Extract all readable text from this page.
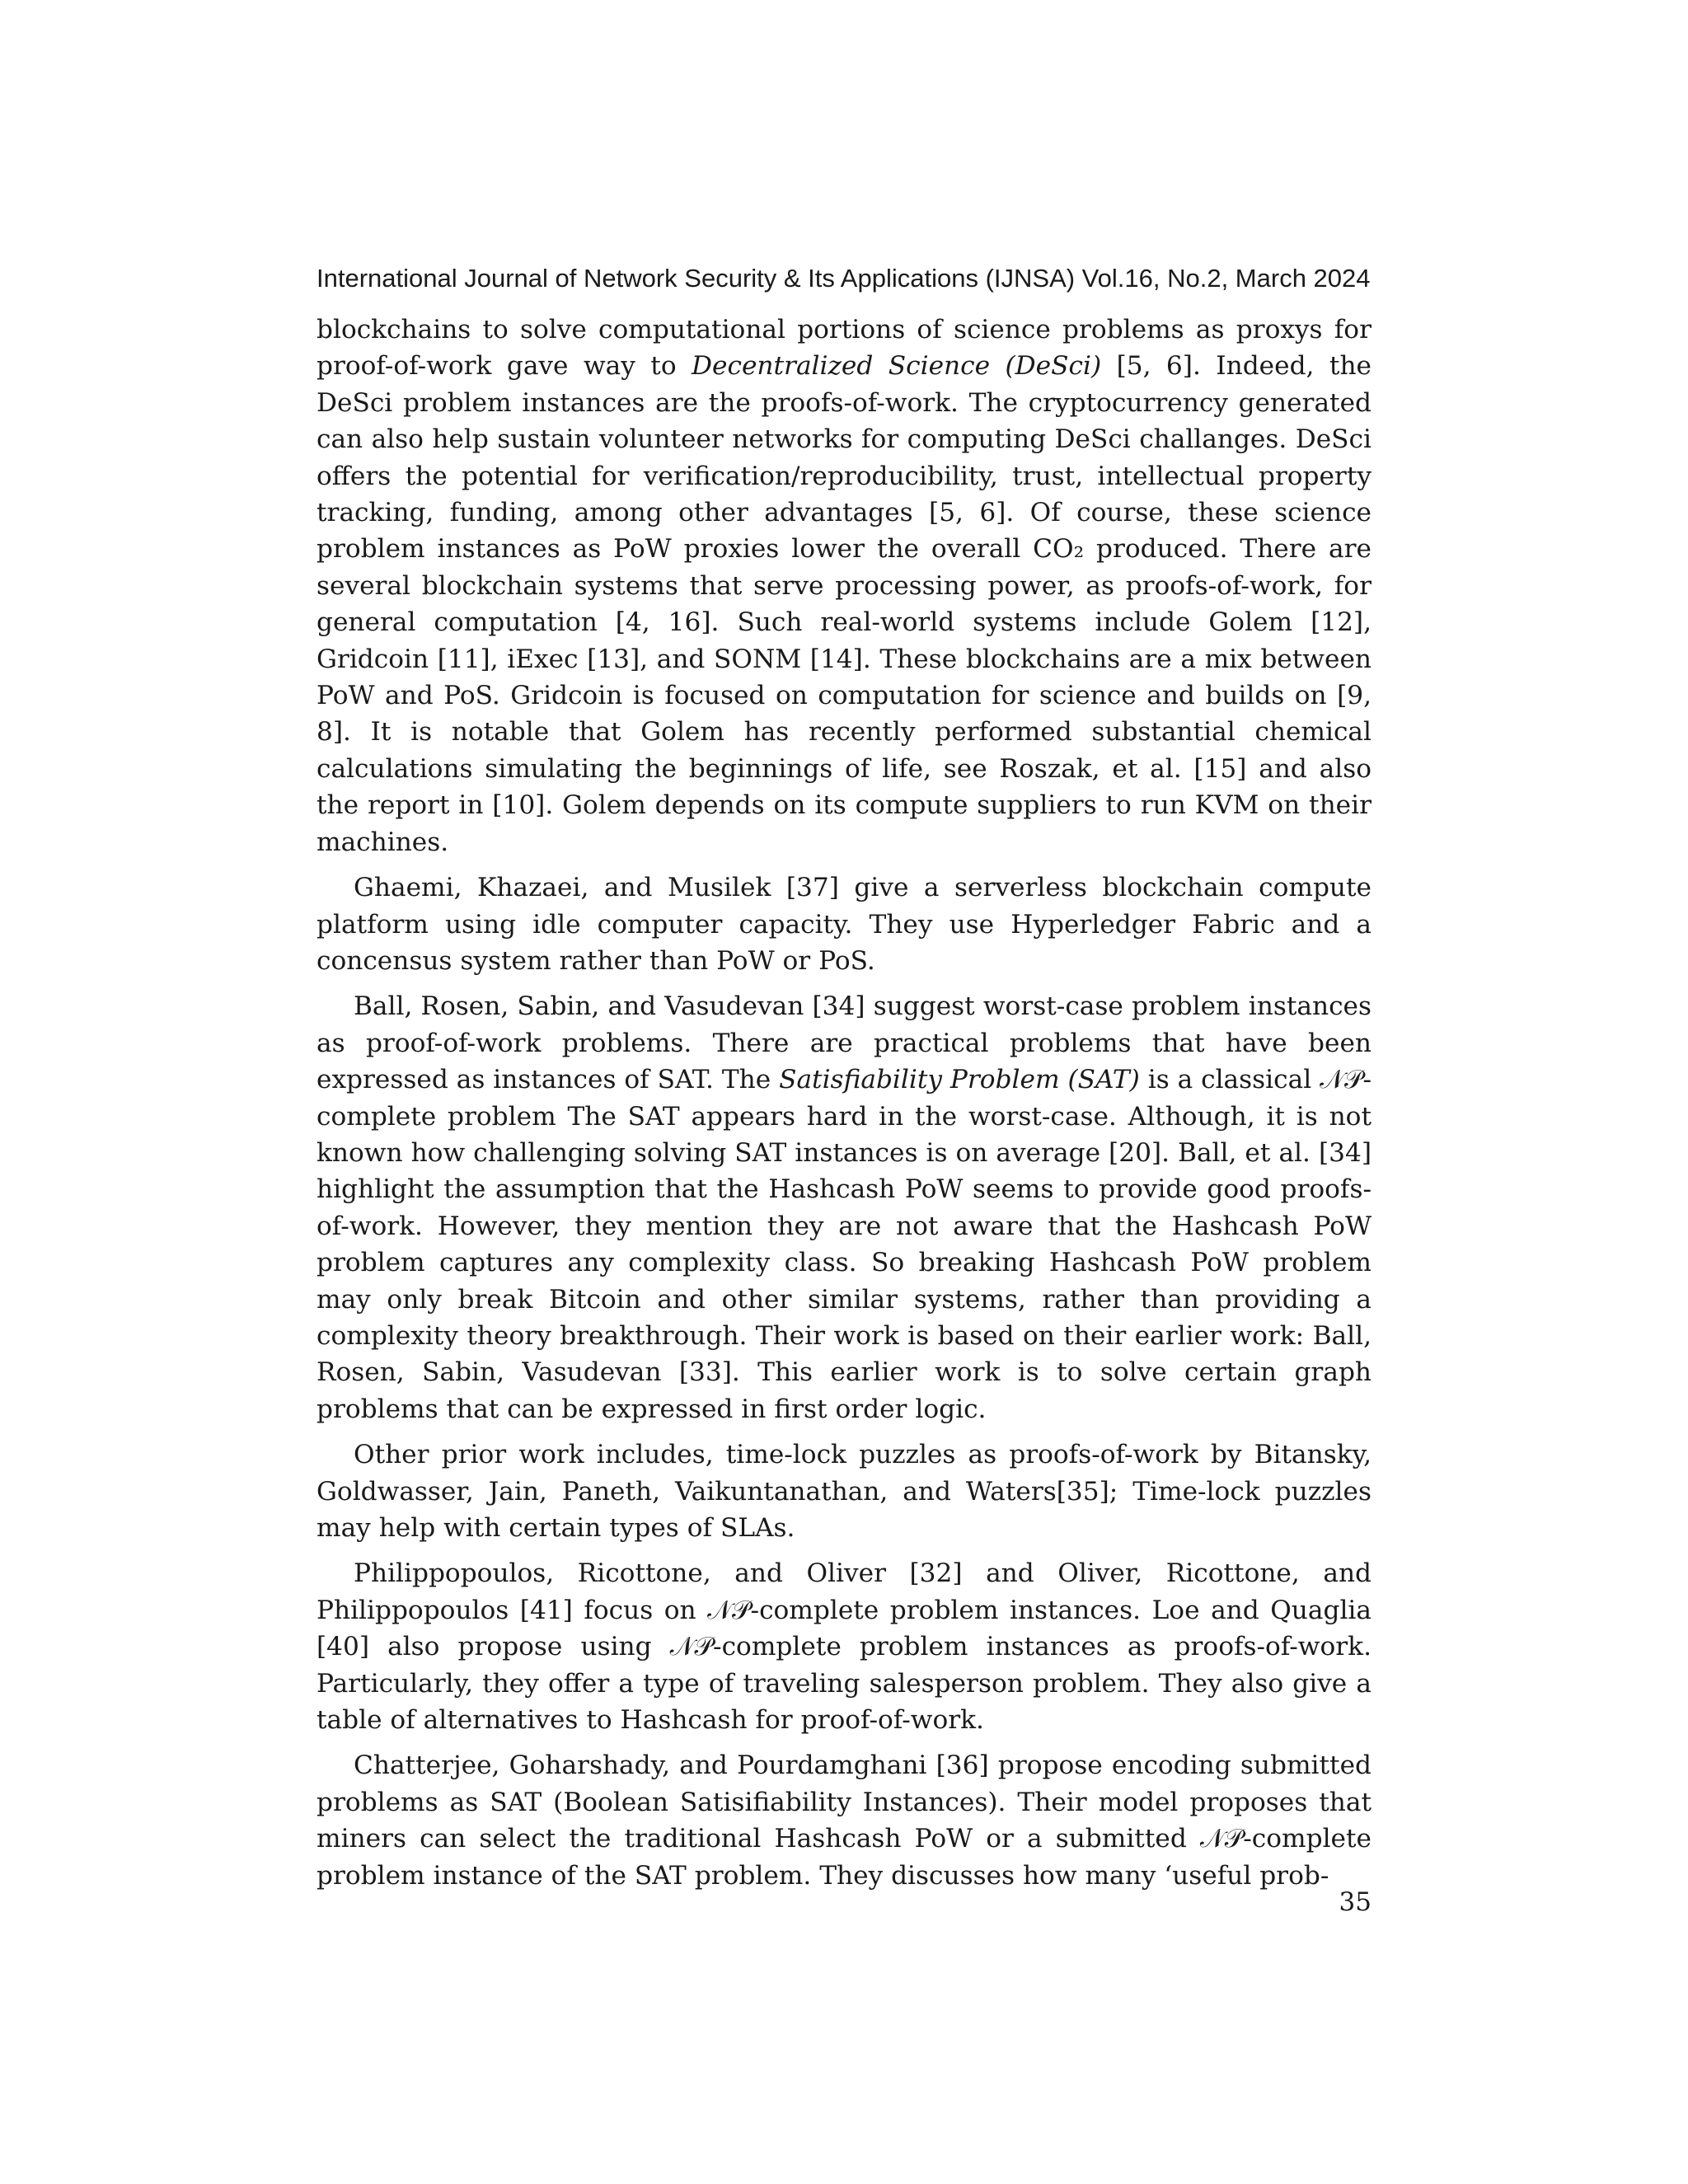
International Journal of Network Security & Its Applications (IJNSA) Vol.16, No.2, March 2024

blockchains to solve computational portions of science problems as proxys for proof-of-work gave way to Decentralized Science (DeSci) [5, 6]. Indeed, the DeSci problem instances are the proofs-of-work. The cryptocurrency generated can also help sustain volunteer networks for computing DeSci challanges. DeSci offers the potential for verification/reproducibility, trust, intellectual property tracking, funding, among other advantages [5, 6]. Of course, these science problem instances as PoW proxies lower the overall CO₂ produced. There are several blockchain systems that serve processing power, as proofs-of-work, for general computation [4, 16]. Such real-world systems include Golem [12], Gridcoin [11], iExec [13], and SONM [14]. These blockchains are a mix between PoW and PoS. Gridcoin is focused on computation for science and builds on [9, 8]. It is notable that Golem has recently performed substantial chemical calculations simulating the beginnings of life, see Roszak, et al. [15] and also the report in [10]. Golem depends on its compute suppliers to run KVM on their machines.

Ghaemi, Khazaei, and Musilek [37] give a serverless blockchain compute platform using idle computer capacity. They use Hyperledger Fabric and a concensus system rather than PoW or PoS.

Ball, Rosen, Sabin, and Vasudevan [34] suggest worst-case problem instances as proof-of-work problems. There are practical problems that have been expressed as instances of SAT. The Satisfiability Problem (SAT) is a classical 𝒩𝒫-complete problem The SAT appears hard in the worst-case. Although, it is not known how challenging solving SAT instances is on average [20]. Ball, et al. [34] highlight the assumption that the Hashcash PoW seems to provide good proofs-of-work. However, they mention they are not aware that the Hashcash PoW problem captures any complexity class. So breaking Hashcash PoW problem may only break Bitcoin and other similar systems, rather than providing a complexity theory breakthrough. Their work is based on their earlier work: Ball, Rosen, Sabin, Vasudevan [33]. This earlier work is to solve certain graph problems that can be expressed in first order logic.

Other prior work includes, time-lock puzzles as proofs-of-work by Bitansky, Goldwasser, Jain, Paneth, Vaikuntanathan, and Waters[35]; Time-lock puzzles may help with certain types of SLAs.

Philippopoulos, Ricottone, and Oliver [32] and Oliver, Ricottone, and Philippopoulos [41] focus on 𝒩𝒫-complete problem instances. Loe and Quaglia [40] also propose using 𝒩𝒫-complete problem instances as proofs-of-work. Particularly, they offer a type of traveling salesperson problem. They also give a table of alternatives to Hashcash for proof-of-work.

Chatterjee, Goharshady, and Pourdamghani [36] propose encoding submitted problems as SAT (Boolean Satisifiability Instances). Their model proposes that miners can select the traditional Hashcash PoW or a submitted 𝒩𝒫-complete problem instance of the SAT problem. They discusses how many ‘useful prob-

35
